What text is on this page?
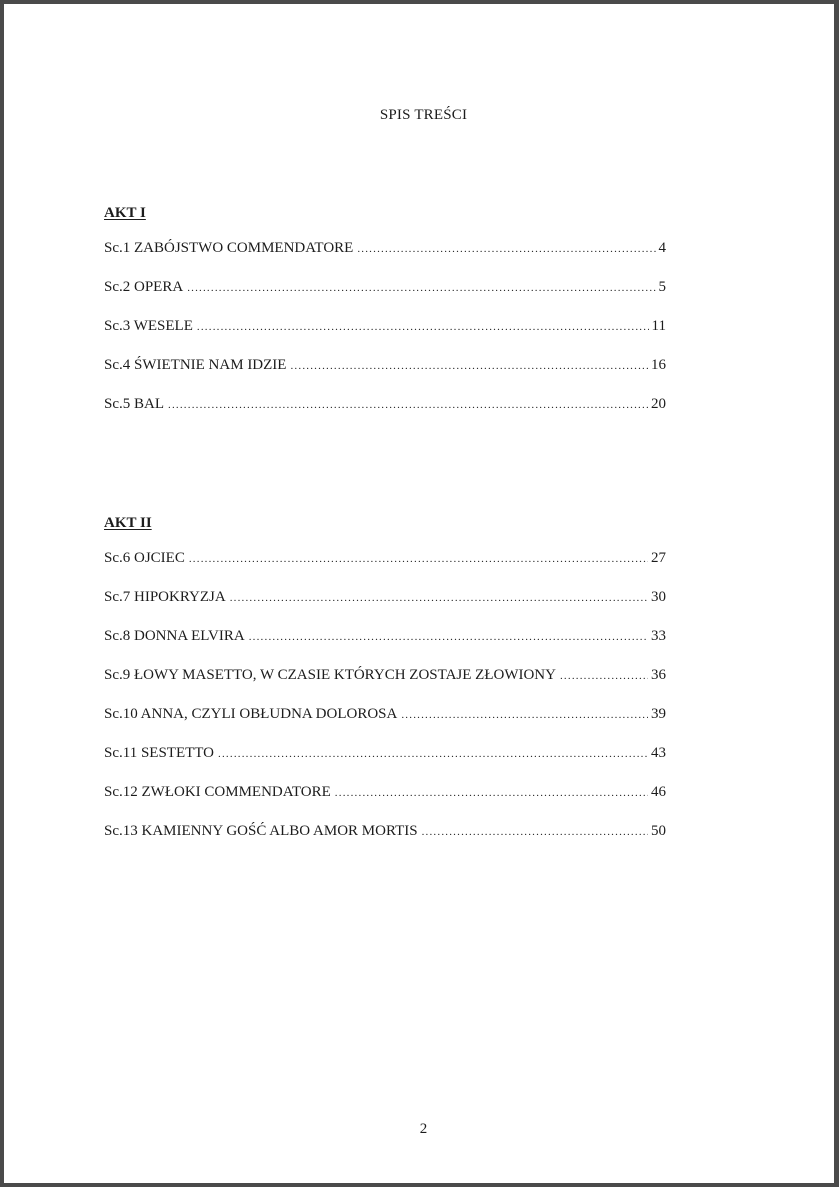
SPIS TREŚCI
AKT I
Sc.1 ZABÓJSTWO COMMENDATORE .....	4
Sc.2 OPERA .....	5
Sc.3 WESELE .....	11
Sc.4 ŚWIETNIE NAM IDZIE .....	16
Sc.5 BAL .....	20
AKT II
Sc.6 OJCIEC .....	27
Sc.7 HIPOKRYZJA .....	30
Sc.8 DONNA ELVIRA .....	33
Sc.9 ŁOWY MASETTO, W CZASIE KTÓRYCH ZOSTAJE ZŁOWIONY .....	36
Sc.10 ANNA, CZYLI OBŁUDNA DOLOROSA .....	39
Sc.11 SESTETTO .....	43
Sc.12 ZWŁOKI COMMENDATORE .....	46
Sc.13 KAMIENNY GOŚĆ ALBO AMOR MORTIS .....	50
2
